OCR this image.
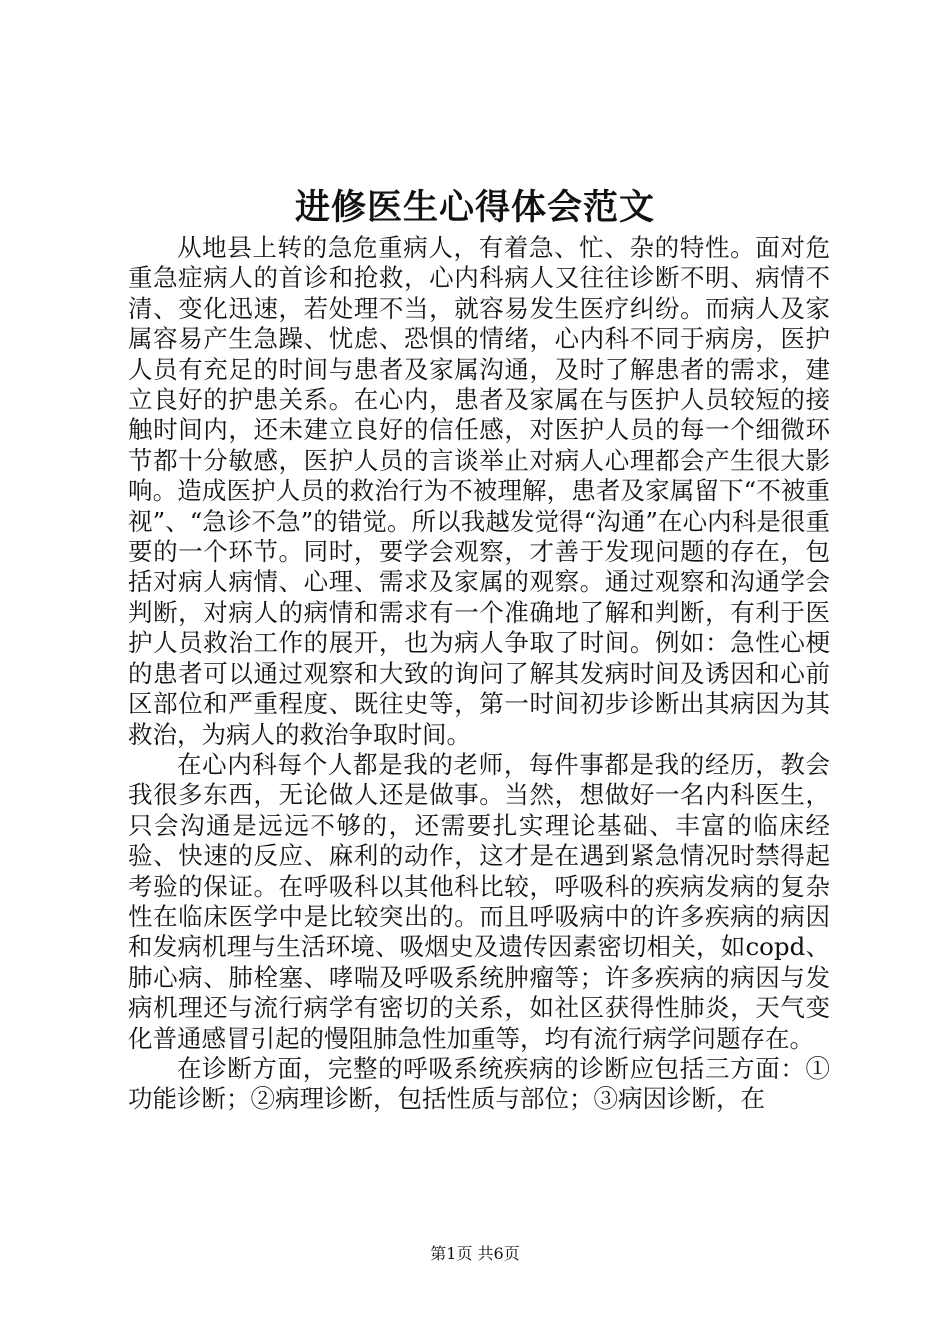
进修医生心得体会范文

从地县上转的急危重病人，有着急、忙、杂的特性。面对危重急症病人的首诊和抢救，心内科病人又往往诊断不明、病情不清、变化迅速，若处理不当，就容易发生医疗纠纷。而病人及家属容易产生急躁、忧虑、恐惧的情绪，心内科不同于病房，医护人员有充足的时间与患者及家属沟通，及时了解患者的需求，建立良好的护患关系。在心内，患者及家属在与医护人员较短的接触时间内，还未建立良好的信任感，对医护人员的每一个细微环节都十分敏感，医护人员的言谈举止对病人心理都会产生很大影响。造成医护人员的救治行为不被理解，患者及家属留下“不被重视”、“急诊不急”的错觉。所以我越发觉得“沟通”在心内科是很重要的一个环节。同时，要学会观察，才善于发现问题的存在，包括对病人病情、心理、需求及家属的观察。通过观察和沟通学会判断，对病人的病情和需求有一个准确地了解和判断，有利于医护人员救治工作的展开，也为病人争取了时间。例如：急性心梗的患者可以通过观察和大致的询问了解其发病时间及诱因和心前区部位和严重程度、既往史等，第一时间初步诊断出其病因为其救治，为病人的救治争取时间。

在心内科每个人都是我的老师，每件事都是我的经历，教会我很多东西，无论做人还是做事。当然，想做好一名内科医生，只会沟通是远远不够的，还需要扎实理论基础、丰富的临床经验、快速的反应、麻利的动作，这才是在遇到紧急情况时禁得起考验的保证。在呼吸科以其他科比较，呼吸科的疾病发病的复杂性在临床医学中是比较突出的。而且呼吸病中的许多疾病的病因和发病机理与生活环境、吸烟史及遗传因素密切相关，如copd、肺心病、肺栓塞、哮喘及呼吸系统肿瘤等；许多疾病的病因与发病机理还与流行病学有密切的关系，如社区获得性肺炎，天气变化普通感冒引起的慢阻肺急性加重等，均有流行病学问题存在。

在诊断方面，完整的呼吸系统疾病的诊断应包括三方面：①功能诊断；②病理诊断，包括性质与部位；③病因诊断，在

第1页 共6页
